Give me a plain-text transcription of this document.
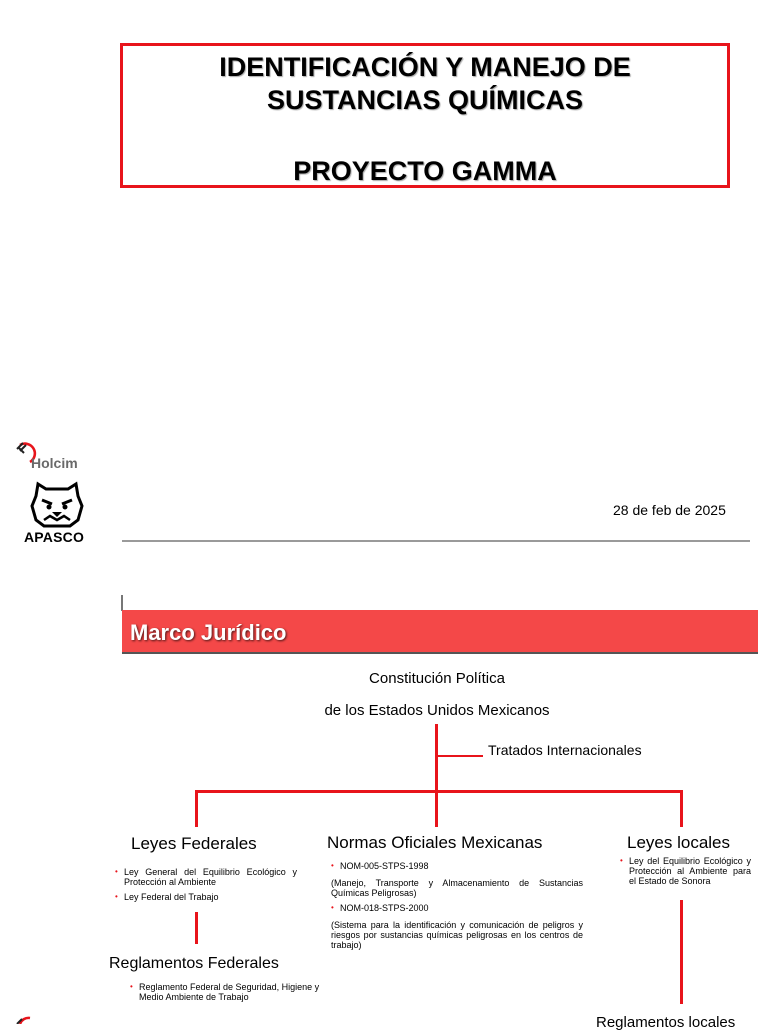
IDENTIFICACIÓN Y MANEJO DE
SUSTANCIAS QUÍMICAS
PROYECTO GAMMA
Holcim
APASCO
28 de feb de 2025
Marco Jurídico
Constitución Política
de los Estados Unidos Mexicanos
Tratados Internacionales
Leyes Federales
• Ley General del Equilibrio Ecológico y Protección al Ambiente
• Ley Federal del Trabajo
Normas Oficiales Mexicanas
• NOM-005-STPS-1998
(Manejo, Transporte y Almacenamiento de Sustancias Químicas Peligrosas)
• NOM-018-STPS-2000
(Sistema para la identificación y comunicación de peligros y riesgos por sustancias químicas peligrosas en los centros de trabajo)
Leyes locales
• Ley del Equilibrio Ecológico y Protección al Ambiente para el Estado de Sonora
Reglamentos Federales
• Reglamento Federal de Seguridad, Higiene y Medio Ambiente de Trabajo
Reglamentos locales
